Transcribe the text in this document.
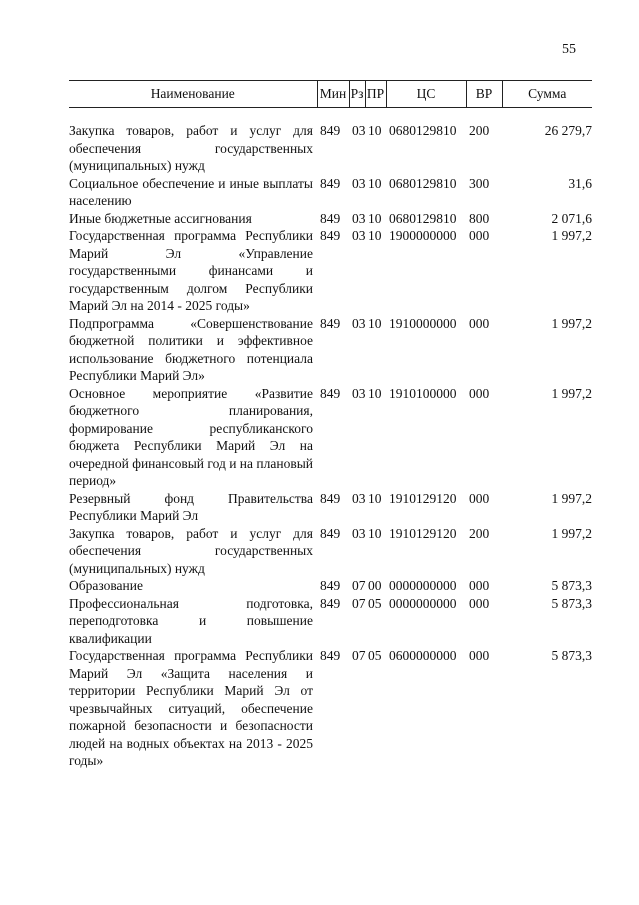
55
Наименование	Мин	Рз	ПР	ЦС	ВР	Сумма

Закупка товаров, работ и услуг для обеспечения государственных (муниципальных) нужд	849	03	10	0680129810	200	26 279,7
Социальное обеспечение и иные выплаты населению	849	03	10	0680129810	300	31,6
Иные бюджетные ассигнования	849	03	10	0680129810	800	2 071,6
Государственная программа Республики Марий Эл «Управление государственными финансами и государственным долгом Республики Марий Эл на 2014 - 2025 годы»	849	03	10	1900000000	000	1 997,2
Подпрограмма «Совершенствование бюджетной политики и эффективное использование бюджетного потенциала Республики Марий Эл»	849	03	10	1910000000	000	1 997,2
Основное мероприятие «Развитие бюджетного планирования, формирование республиканского бюджета Республики Марий Эл на очередной финансовый год и на плановый период»	849	03	10	1910100000	000	1 997,2
Резервный фонд Правительства Республики Марий Эл	849	03	10	1910129120	000	1 997,2
Закупка товаров, работ и услуг для обеспечения государственных (муниципальных) нужд	849	03	10	1910129120	200	1 997,2
Образование	849	07	00	0000000000	000	5 873,3
Профессиональная подготовка, переподготовка и повышение квалификации	849	07	05	0000000000	000	5 873,3
Государственная программа Республики Марий Эл «Защита населения и территории Республики Марий Эл от чрезвычайных ситуаций, обеспечение пожарной безопасности и безопасности людей на водных объектах на 2013 - 2025 годы»	849	07	05	0600000000	000	5 873,3
